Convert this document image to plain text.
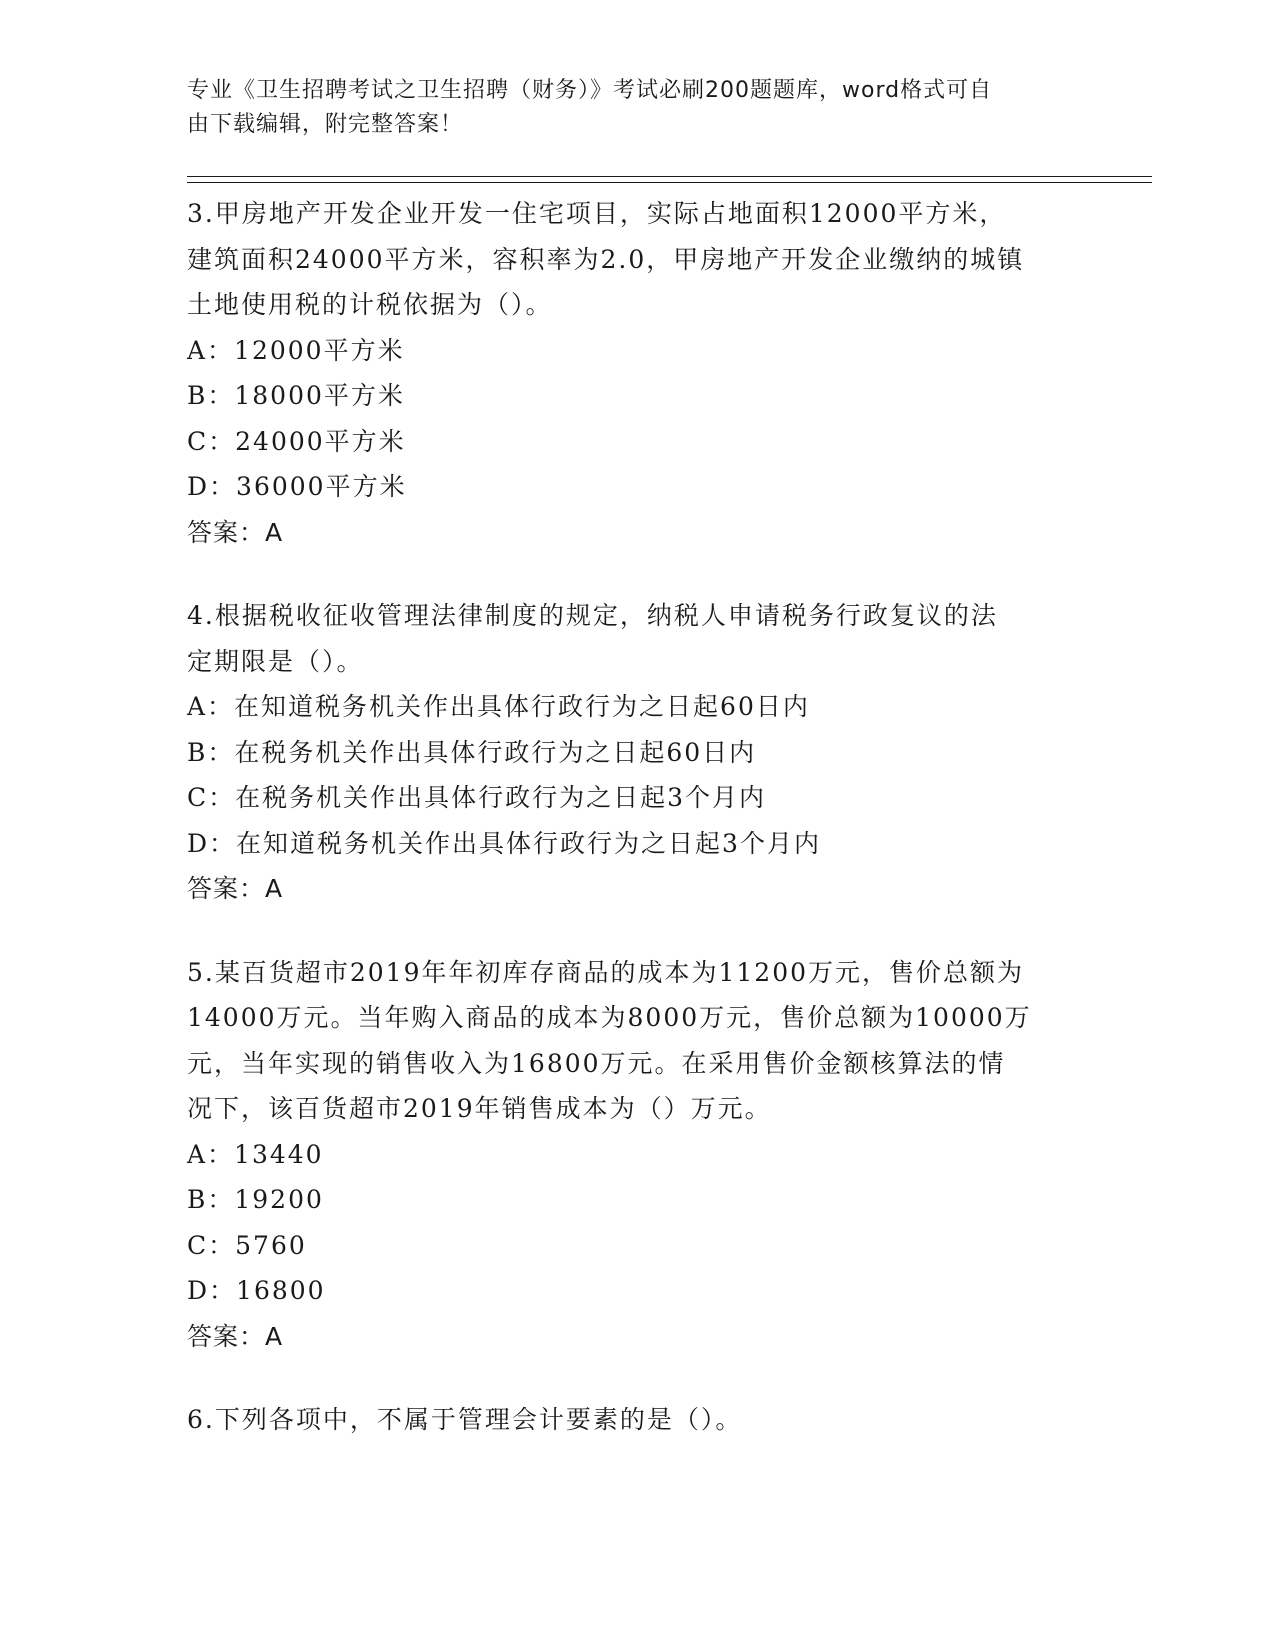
专业《卫生招聘考试之卫生招聘（财务）》考试必刷200题题库，word格式可自
由下载编辑，附完整答案！
3.甲房地产开发企业开发一住宅项目，实际占地面积12000平方米，
建筑面积24000平方米，容积率为2.0，甲房地产开发企业缴纳的城镇
土地使用税的计税依据为（）。
A：12000平方米
B：18000平方米
C：24000平方米
D：36000平方米
答案：A
4.根据税收征收管理法律制度的规定，纳税人申请税务行政复议的法
定期限是（）。
A：在知道税务机关作出具体行政行为之日起60日内
B：在税务机关作出具体行政行为之日起60日内
C：在税务机关作出具体行政行为之日起3个月内
D：在知道税务机关作出具体行政行为之日起3个月内
答案：A
5.某百货超市2019年年初库存商品的成本为11200万元，售价总额为
14000万元。当年购入商品的成本为8000万元，售价总额为10000万
元，当年实现的销售收入为16800万元。在采用售价金额核算法的情
况下，该百货超市2019年销售成本为（）万元。
A：13440
B：19200
C：5760
D：16800
答案：A
6.下列各项中，不属于管理会计要素的是（）。
